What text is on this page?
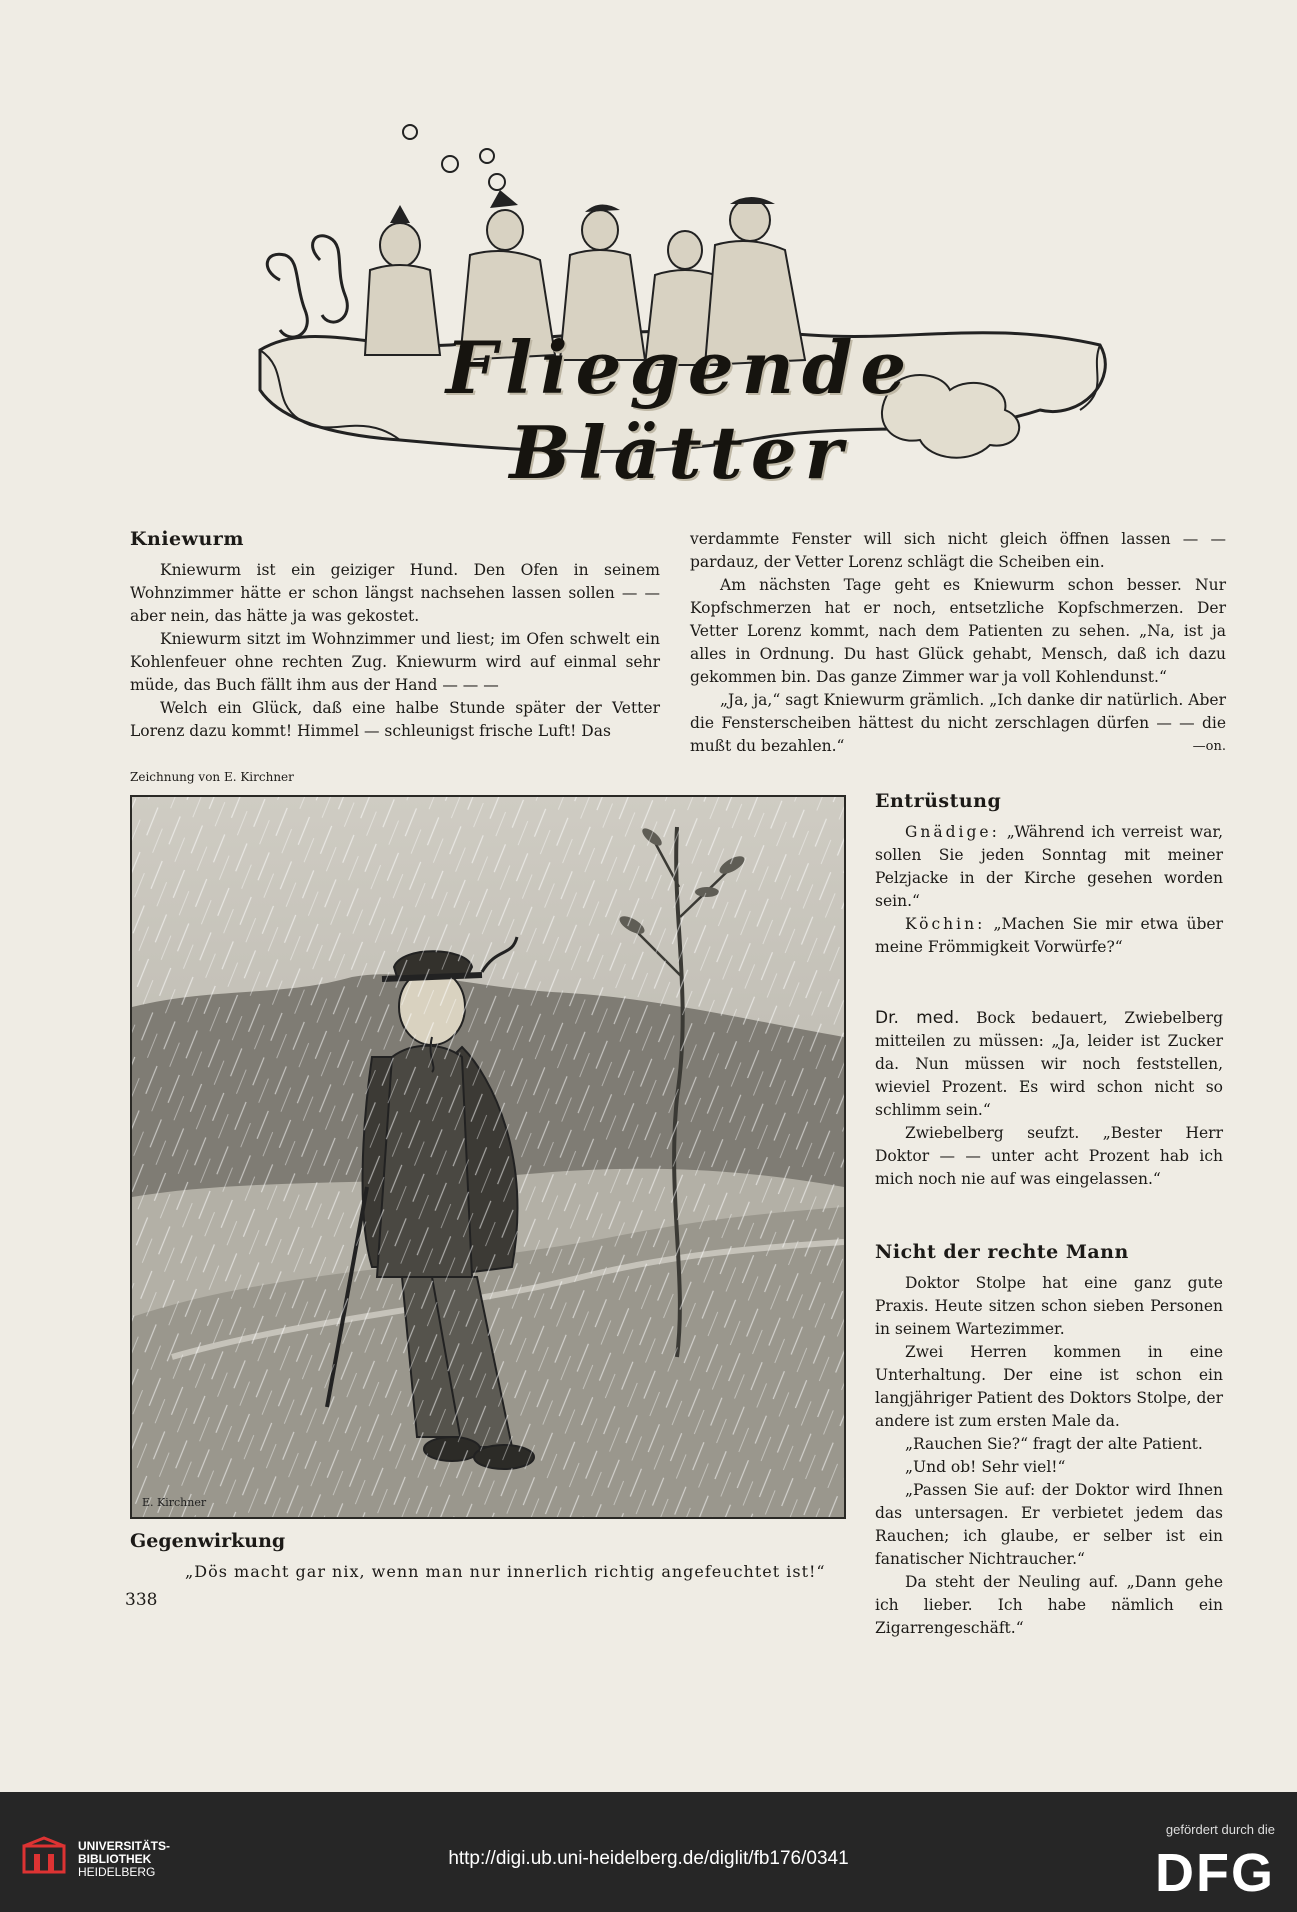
Fliegende Blätter
Kniewurm

Kniewurm ist ein geiziger Hund. Den Ofen in seinem Wohnzimmer hätte er schon längst nachsehen lassen sollen — — aber nein, das hätte ja was gekostet.

Kniewurm sitzt im Wohnzimmer und liest; im Ofen schwelt ein Kohlenfeuer ohne rechten Zug. Kniewurm wird auf einmal sehr müde, das Buch fällt ihm aus der Hand — — —

Welch ein Glück, daß eine halbe Stunde später der Vetter Lorenz dazu kommt! Himmel — schleunigst frische Luft! Das

verdammte Fenster will sich nicht gleich öffnen lassen — — pardauz, der Vetter Lorenz schlägt die Scheiben ein.

Am nächsten Tage geht es Kniewurm schon besser. Nur Kopfschmerzen hat er noch, entsetzliche Kopfschmerzen. Der Vetter Lorenz kommt, nach dem Patienten zu sehen. „Na, ist ja alles in Ordnung. Du hast Glück gehabt, Mensch, daß ich dazu gekommen bin. Das ganze Zimmer war ja voll Kohlendunst.“

„Ja, ja,“ sagt Kniewurm grämlich. „Ich danke dir natürlich. Aber die Fensterscheiben hättest du nicht zerschlagen dürfen — — die mußt du bezahlen.“	—on.

Zeichnung von E. Kirchner
E. Kirchner
Gegenwirkung
„Dös macht gar nix, wenn man nur innerlich richtig angefeuchtet ist!“
338
Entrüstung

Gnädige: „Während ich verreist war, sollen Sie jeden Sonntag mit meiner Pelzjacke in der Kirche gesehen worden sein.“

Köchin: „Machen Sie mir etwa über meine Frömmigkeit Vorwürfe?“

Dr. med. Bock bedauert, Zwiebelberg mitteilen zu müssen: „Ja, leider ist Zucker da. Nun müssen wir noch feststellen, wieviel Prozent. Es wird schon nicht so schlimm sein.“

Zwiebelberg seufzt. „Bester Herr Doktor — — unter acht Prozent hab ich mich noch nie auf was eingelassen.“

Nicht der rechte Mann

Doktor Stolpe hat eine ganz gute Praxis. Heute sitzen schon sieben Personen in seinem Wartezimmer.

Zwei Herren kommen in eine Unterhaltung. Der eine ist schon ein langjähriger Patient des Doktors Stolpe, der andere ist zum ersten Male da.

„Rauchen Sie?“ fragt der alte Patient.

„Und ob! Sehr viel!“

„Passen Sie auf: der Doktor wird Ihnen das untersagen. Er verbietet jedem das Rauchen; ich glaube, er selber ist ein fanatischer Nichtraucher.“

Da steht der Neuling auf. „Dann gehe ich lieber. Ich habe nämlich ein Zigarrengeschäft.“

UNIVERSITÄTS-
BIBLIOTHEK
HEIDELBERG
http://digi.ub.uni-heidelberg.de/diglit/fb176/0341
gefördert durch die
DFG
